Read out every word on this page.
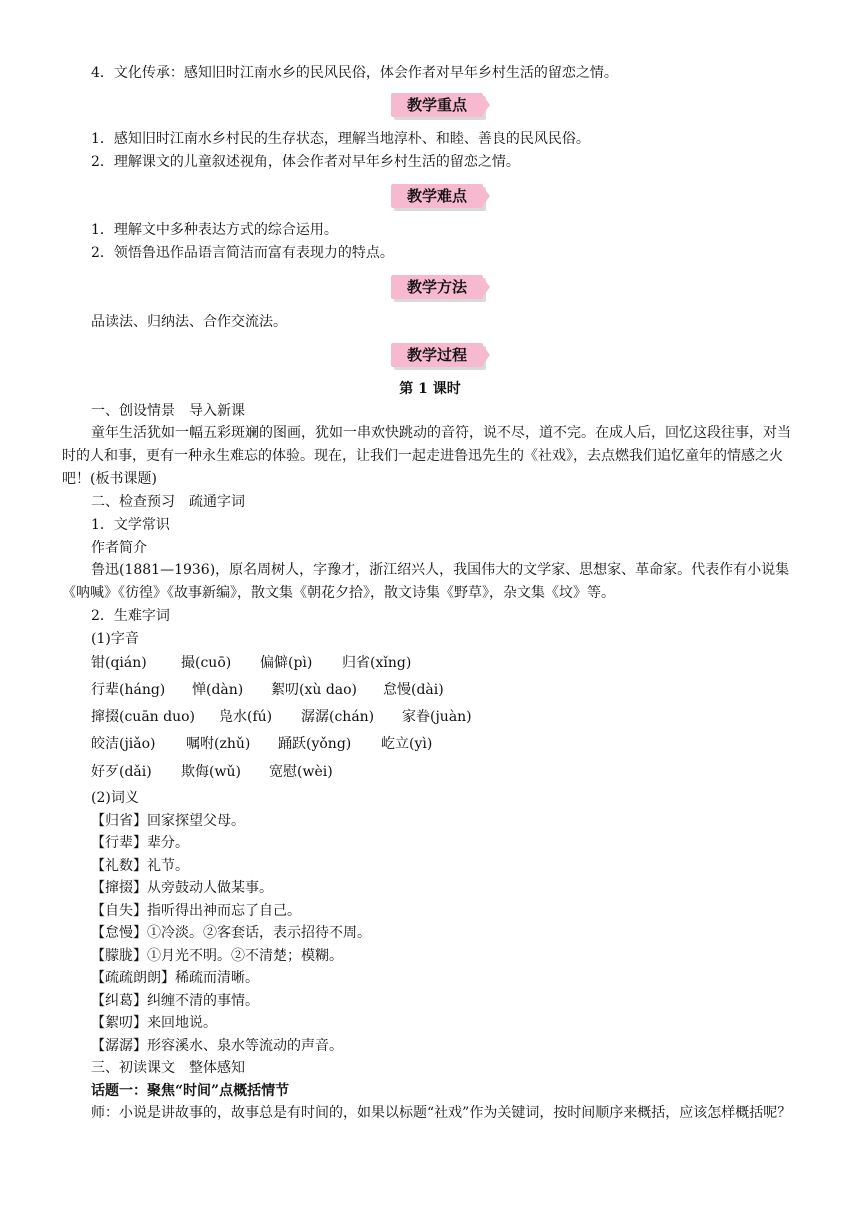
4．文化传承：感知旧时江南水乡的民风民俗，体会作者对早年乡村生活的留恋之情。
教学重点
1．感知旧时江南水乡村民的生存状态，理解当地淳朴、和睦、善良的民风民俗。
2．理解课文的儿童叙述视角，体会作者对早年乡村生活的留恋之情。
教学难点
1．理解文中多种表达方式的综合运用。
2．领悟鲁迅作品语言简洁而富有表现力的特点。
教学方法
品读法、归纳法、合作交流法。
教学过程
第 1 课时
一、创设情景　导入新课
童年生活犹如一幅五彩斑斓的图画，犹如一串欢快跳动的音符，说不尽，道不完。在成人后，回忆这段往事，对当时的人和事，更有一种永生难忘的体验。现在，让我们一起走进鲁迅先生的《社戏》，去点燃我们追忆童年的情感之火吧！(板书课题)
二、检查预习　疏通字词
1．文学常识
作者简介
鲁迅(1881—1936)，原名周树人，字豫才，浙江绍兴人，我国伟大的文学家、思想家、革命家。代表作有小说集《呐喊》《彷徨》《故事新编》，散文集《朝花夕拾》，散文诗集《野草》，杂文集《坟》等。
2．生难字词
(1)字音
钳(qián) 撮(cuō) 偏僻(pì) 归省(xǐng)
行辈(háng) 惮(dàn) 絮叨(xù dao) 怠慢(dài)
撺掇(cuān duo) 凫水(fú) 潺潺(chán) 家眷(juàn)
皎洁(jiǎo) 嘱咐(zhǔ) 踊跃(yǒng) 屹立(yì)
好歹(dǎi) 欺侮(wǔ) 宽慰(wèi)
(2)词义
【归省】回家探望父母。
【行辈】辈分。
【礼数】礼节。
【撺掇】从旁鼓动人做某事。
【自失】指听得出神而忘了自己。
【怠慢】①冷淡。②客套话，表示招待不周。
【朦胧】①月光不明。②不清楚；模糊。
【疏疏朗朗】稀疏而清晰。
【纠葛】纠缠不清的事情。
【絮叨】来回地说。
【潺潺】形容溪水、泉水等流动的声音。
三、初读课文　整体感知
话题一：聚焦“时间”点概括情节
师：小说是讲故事的，故事总是有时间的，如果以标题“社戏”作为关键词，按时间顺序来概括，应该怎样概括呢？
